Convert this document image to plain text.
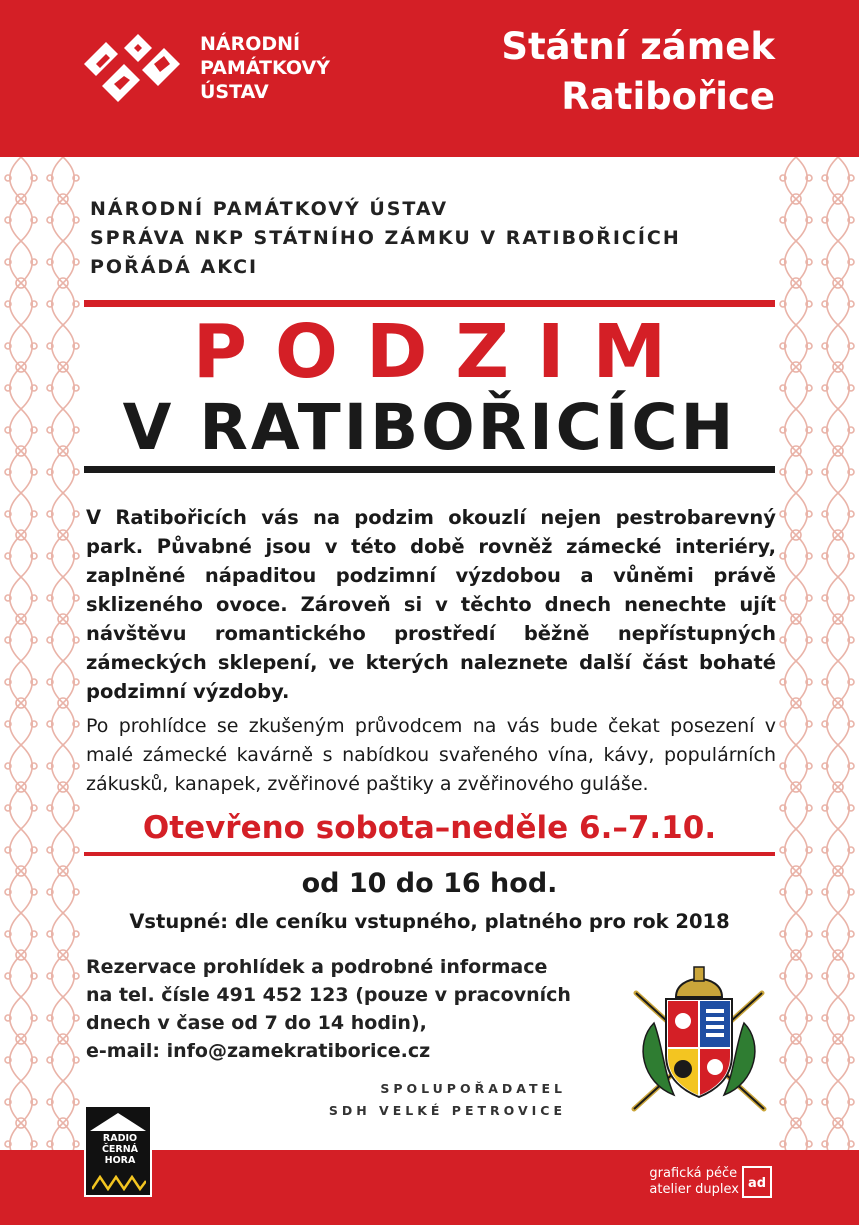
NÁRODNÍ
PAMÁTKOVÝ
ÚSTAV
Státní zámek
Ratibořice
NÁRODNÍ PAMÁTKOVÝ ÚSTAV
SPRÁVA NKP STÁTNÍHO ZÁMKU V RATIBOŘICÍCH
POŘÁDÁ AKCI
PODZIM
V RATIBOŘICÍCH

V Ratibořicích vás na podzim okouzlí nejen pestrobarevný park. Půvabné jsou v této době rovněž zámecké interiéry, zaplněné nápaditou podzimní výzdobou a vůněmi právě sklizeného ovoce. Zároveň si v těchto dnech nenechte ujít návštěvu romantického prostředí běžně nepřístupných zámeckých sklepení, ve kterých naleznete další část bohaté podzimní výzdoby.

Po prohlídce se zkušeným průvodcem na vás bude čekat posezení v malé zámecké kavárně s nabídkou svařeného vína, kávy, populárních zákusků, kanapek, zvěřinové paštiky a zvěřinového guláše.

Otevřeno sobota–neděle 6.–7.10.
od 10 do 16 hod.
Vstupné: dle ceníku vstupného, platného pro rok 2018
Rezervace prohlídek a podrobné informace
na tel. čísle 491 452 123 (pouze v pracovních
dnech v čase od 7 do 14 hodin),
e-mail: info@zamekratiborice.cz
SPOLUPOŘADATEL
SDH VELKÉ PETROVICE
RADIO
ČERNÁ
HORA
grafická péče
atelier duplex ad
